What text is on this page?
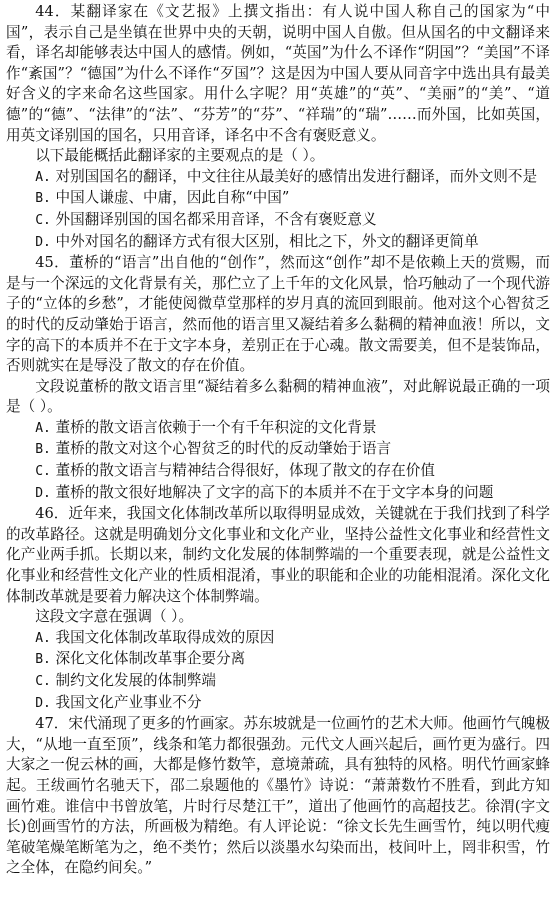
44．某翻译家在《文艺报》上撰文指出：有人说中国人称自己的国家为“中国”，表示自己是坐镇在世界中央的天朝，说明中国人自傲。但从国名的中文翻译来看，译名却能够表达中国人的感情。例如，“英国”为什么不译作“阴国”？“美国”不译作“紊国”？“德国”为什么不译作“歹国”？这是因为中国人要从同音字中选出具有最美好含义的字来命名这些国家。用什么字呢？用“英雄”的“英”、“美丽”的“美”、“道德”的“德”、“法律”的“法”、“芬芳”的“芬”、“祥瑞”的“瑞”……而外国，比如英国，用英文译别国的国名，只用音译，译名中不含有褒贬意义。

以下最能概括此翻译家的主要观点的是（ ）。

A. 对别国国名的翻译，中文往往从最美好的感情出发进行翻译，而外文则不是

B. 中国人谦虚、中庸，因此自称“中国”

C. 外国翻译别国的国名都采用音译，不含有褒贬意义

D. 中外对国名的翻译方式有很大区别，相比之下，外文的翻译更简单

45．董桥的“语言”出自他的“创作”，然而这“创作”却不是依赖上天的赏赐，而是与一个深远的文化背景有关，那伫立了上千年的文化风景，恰巧触动了一个现代游子的“立体的乡愁”，才能使阅微草堂那样的岁月真的流回到眼前。他对这个心智贫乏的时代的反动肇始于语言，然而他的语言里又凝结着多么黏稠的精神血液！所以，文字的高下的本质并不在于文字本身，差别正在于心魂。散文需要美，但不是装饰品，否则就实在是辱没了散文的存在价值。

文段说董桥的散文语言里“凝结着多么黏稠的精神血液”，对此解说最正确的一项是（ ）。

A. 董桥的散文语言依赖于一个有千年积淀的文化背景

B. 董桥的散文对这个心智贫乏的时代的反动肇始于语言

C. 董桥的散文语言与精神结合得很好，体现了散文的存在价值

D. 董桥的散文很好地解决了文字的高下的本质并不在于文字本身的问题

46．近年来，我国文化体制改革所以取得明显成效，关键就在于我们找到了科学的改革路径。这就是明确划分文化事业和文化产业，坚持公益性文化事业和经营性文化产业两手抓。长期以来，制约文化发展的体制弊端的一个重要表现，就是公益性文化事业和经营性文化产业的性质相混淆，事业的职能和企业的功能相混淆。深化文化体制改革就是要着力解决这个体制弊端。

这段文字意在强调（ ）。

A. 我国文化体制改革取得成效的原因

B. 深化文化体制改革事企要分离

C. 制约文化发展的体制弊端

D. 我国文化产业事业不分

47．宋代涌现了更多的竹画家。苏东坡就是一位画竹的艺术大师。他画竹气魄极大，“从地一直至顶”，线条和笔力都很强劲。元代文人画兴起后，画竹更为盛行。四大家之一倪云林的画，大都是修竹数竿，意境萧疏，具有独特的风格。明代竹画家蜂起。王绂画竹名驰天下，邵二泉题他的《墨竹》诗说：“萧萧数竹不胜看，到此方知画竹难。谁信中书曾放笔，片时行尽楚江干”，道出了他画竹的高超技艺。徐渭(字文长)创画雪竹的方法，所画极为精绝。有人评论说：“徐文长先生画雪竹，纯以明代瘦笔破笔燥笔断笔为之，绝不类竹；然后以淡墨水勾染而出，枝间叶上，罔非积雪，竹之全体，在隐约间矣。”
